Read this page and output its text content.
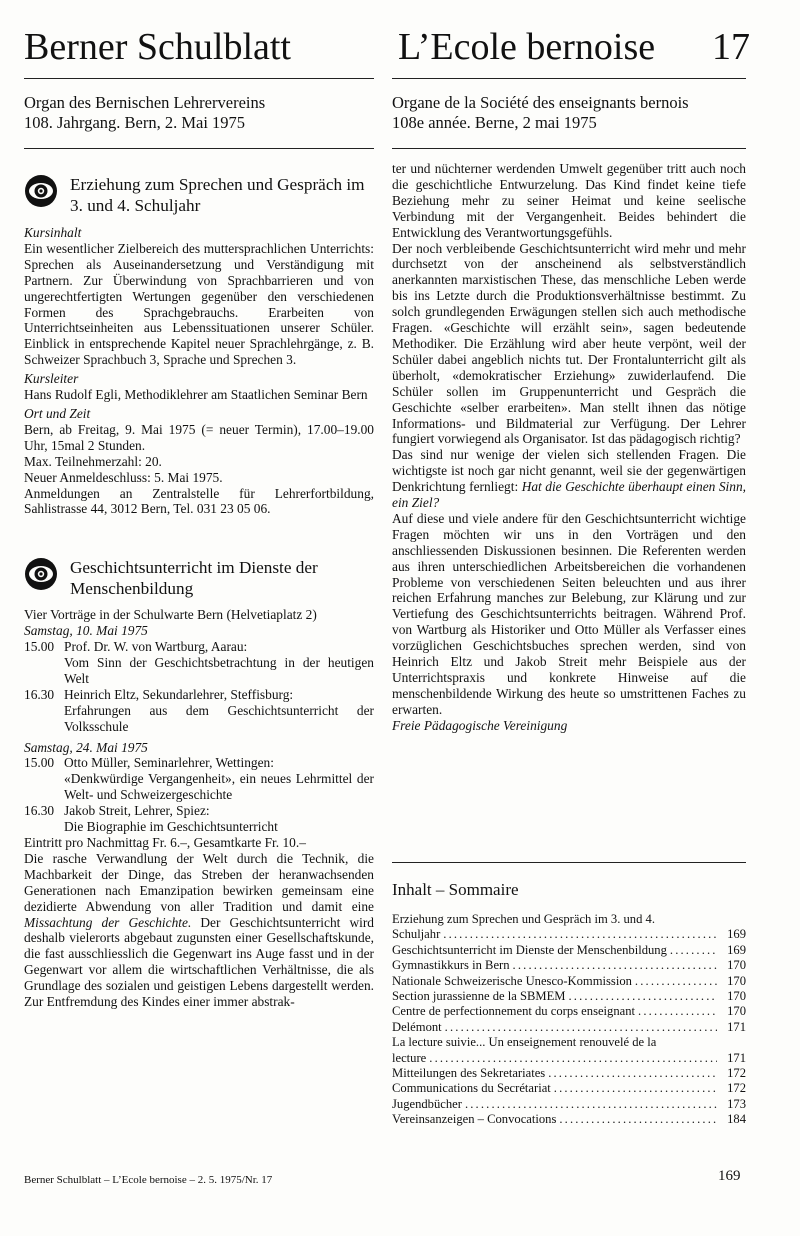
Berner Schulblatt	L’Ecole bernoise 17
Organ des Bernischen Lehrervereins
108. Jahrgang. Bern, 2. Mai 1975
Organe de la Société des enseignants bernois
108e année. Berne, 2 mai 1975
Erziehung zum Sprechen und Gespräch im 3. und 4. Schuljahr

Kursinhalt

Ein wesentlicher Zielbereich des muttersprachlichen Unterrichts: Sprechen als Auseinandersetzung und Verständigung mit Partnern. Zur Überwindung von Sprachbarrieren und von ungerechtfertigten Wertungen gegenüber den verschiedenen Formen des Sprachgebrauchs. Erarbeiten von Unterrichtseinheiten aus Lebenssituationen unserer Schüler. Einblick in entsprechende Kapitel neuer Sprachlehrgänge, z. B. Schweizer Sprachbuch 3, Sprache und Sprechen 3.

Kursleiter

Hans Rudolf Egli, Methodiklehrer am Staatlichen Seminar Bern

Ort und Zeit

Bern, ab Freitag, 9. Mai 1975 (= neuer Termin), 17.00–19.00 Uhr, 15mal 2 Stunden.

Max. Teilnehmerzahl: 20.

Neuer Anmeldeschluss: 5. Mai 1975.

Anmeldungen an Zentralstelle für Lehrerfortbildung, Sahlistrasse 44, 3012 Bern, Tel. 031 23 05 06.

Geschichtsunterricht im Dienste der Menschenbildung

Vier Vorträge in der Schulwarte Bern (Helvetiaplatz 2)

Samstag, 10. Mai 1975

15.00 Prof. Dr. W. von Wartburg, Aarau:

Vom Sinn der Geschichtsbetrachtung in der heutigen Welt

16.30 Heinrich Eltz, Sekundarlehrer, Steffisburg:

Erfahrungen aus dem Geschichtsunterricht der Volksschule

Samstag, 24. Mai 1975

15.00 Otto Müller, Seminarlehrer, Wettingen:

«Denkwürdige Vergangenheit», ein neues Lehrmittel der Welt- und Schweizergeschichte

16.30 Jakob Streit, Lehrer, Spiez:

Die Biographie im Geschichtsunterricht

Eintritt pro Nachmittag Fr. 6.–, Gesamtkarte Fr. 10.–

Die rasche Verwandlung der Welt durch die Technik, die Machbarkeit der Dinge, das Streben der heranwachsenden Generationen nach Emanzipation bewirken gemeinsam eine dezidierte Abwendung von aller Tradition und damit eine Missachtung der Geschichte. Der Geschichtsunterricht wird deshalb vielerorts abgebaut zugunsten einer Gesellschaftskunde, die fast ausschliesslich die Gegenwart ins Auge fasst und in der Gegenwart vor allem die wirtschaftlichen Verhältnisse, die als Grundlage des sozialen und geistigen Lebens dargestellt werden. Zur Entfremdung des Kindes einer immer abstrak-

ter und nüchterner werdenden Umwelt gegenüber tritt auch noch die geschichtliche Entwurzelung. Das Kind findet keine tiefe Beziehung mehr zu seiner Heimat und keine seelische Verbindung mit der Vergangenheit. Beides behindert die Entwicklung des Verantwortungsgefühls.

Der noch verbleibende Geschichtsunterricht wird mehr und mehr durchsetzt von der anscheinend als selbstverständlich anerkannten marxistischen These, das menschliche Leben werde bis ins Letzte durch die Produktionsverhältnisse bestimmt. Zu solch grundlegenden Erwägungen stellen sich auch methodische Fragen. «Geschichte will erzählt sein», sagen bedeutende Methodiker. Die Erzählung wird aber heute verpönt, weil der Schüler dabei angeblich nichts tut. Der Frontalunterricht gilt als überholt, «demokratischer Erziehung» zuwiderlaufend. Die Schüler sollen im Gruppenunterricht und Gespräch die Geschichte «selber erarbeiten». Man stellt ihnen das nötige Informations- und Bildmaterial zur Verfügung. Der Lehrer fungiert vorwiegend als Organisator. Ist das pädagogisch richtig?

Das sind nur wenige der vielen sich stellenden Fragen. Die wichtigste ist noch gar nicht genannt, weil sie der gegenwärtigen Denkrichtung fernliegt: Hat die Geschichte überhaupt einen Sinn, ein Ziel?

Auf diese und viele andere für den Geschichtsunterricht wichtige Fragen möchten wir uns in den Vorträgen und den anschliessenden Diskussionen besinnen. Die Referenten werden aus ihren unterschiedlichen Arbeitsbereichen die vorhandenen Probleme von verschiedenen Seiten beleuchten und aus ihrer reichen Erfahrung manches zur Belebung, zur Klärung und zur Vertiefung des Geschichtsunterrichts beitragen. Während Prof. von Wartburg als Historiker und Otto Müller als Verfasser eines vorzüglichen Geschichtsbuches sprechen werden, sind von Heinrich Eltz und Jakob Streit mehr Beispiele aus der Unterrichtspraxis und konkrete Hinweise auf die menschenbildende Wirkung des heute so umstrittenen Faches zu erwarten.

Freie Pädagogische Vereinigung

Inhalt – Sommaire
Erziehung zum Sprechen und Gespräch im 3. und 4.
Schuljahr . . .	169
Geschichtsunterricht im Dienste der Menschenbildung . . .	169
Gymnastikkurs in Bern . . .	170
Nationale Schweizerische Unesco-Kommission . . .	170
Section jurassienne de la SBMEM . . .	170
Centre de perfectionnement du corps enseignant . . .	170
Delémont . . .	171
La lecture suivie... Un enseignement renouvelé de la
lecture . . .	171
Mitteilungen des Sekretariates . . .	172
Communications du Secrétariat . . .	172
Jugendbücher . . .	173
Vereinsanzeigen – Convocations . . .	184
Berner Schulblatt – L’Ecole bernoise – 2. 5. 1975/Nr. 17	169
